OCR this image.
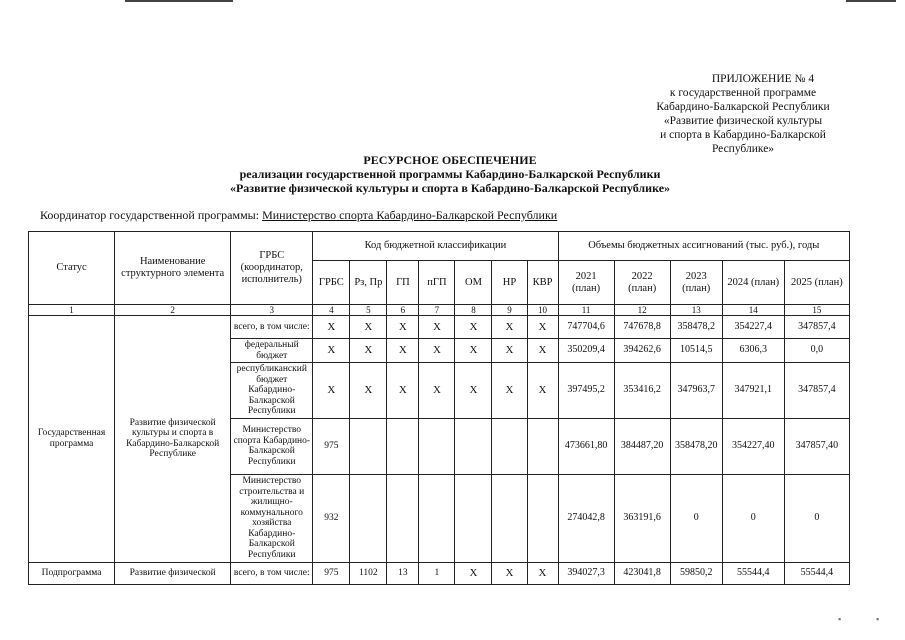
ПРИЛОЖЕНИЕ № 4
к государственной программе
Кабардино-Балкарской Республики
«Развитие физической культуры
и спорта в Кабардино-Балкарской
Республике»
РЕСУРСНОЕ ОБЕСПЕЧЕНИЕ
реализации государственной программы Кабардино-Балкарской Республики
«Развитие физической культуры и спорта в Кабардино-Балкарской Республике»
Координатор государственной программы: Министерство спорта Кабардино-Балкарской Республики
Статус	Наименование структурного элемента	ГРБС (координатор, исполнитель)	Код бюджетной классификации							Объемы бюджетных ассигнований (тыс. руб.), годы				
			ГРБС	Рз, Пр	ГП	пГП	ОМ	НР	КВР	2021 (план)	2022 (план)	2023 (план)	2024 (план)	2025 (план)
1	2	3	4	5	6	7	8	9	10	11	12	13	14	15
Государственная программа	Развитие физической культуры и спорта в Кабардино-Балкарской Республике	всего, в том числе:	Х	Х	Х	Х	Х	Х	Х	747704,6	747678,8	358478,2	354227,4	347857,4
		федеральный бюджет	Х	Х	Х	Х	Х	Х	Х	350209,4	394262,6	10514,5	6306,3	0,0
		республиканский бюджет Кабардино-Балкарской Республики	Х	Х	Х	Х	Х	Х	Х	397495,2	353416,2	347963,7	347921,1	347857,4
		Министерство спорта Кабардино-Балкарской Республики	975							473661,80	384487,20	358478,20	354227,40	347857,40
		Министерство строительства и жилищно-коммунального хозяйства Кабардино-Балкарской Республики	932							274042,8	363191,6	0	0	0
Подпрограмма	Развитие физической	всего, в том числе:	975	1102	13	1	Х	Х	Х	394027,3	423041,8	59850,2	55544,4	55544,4
▪	▪
